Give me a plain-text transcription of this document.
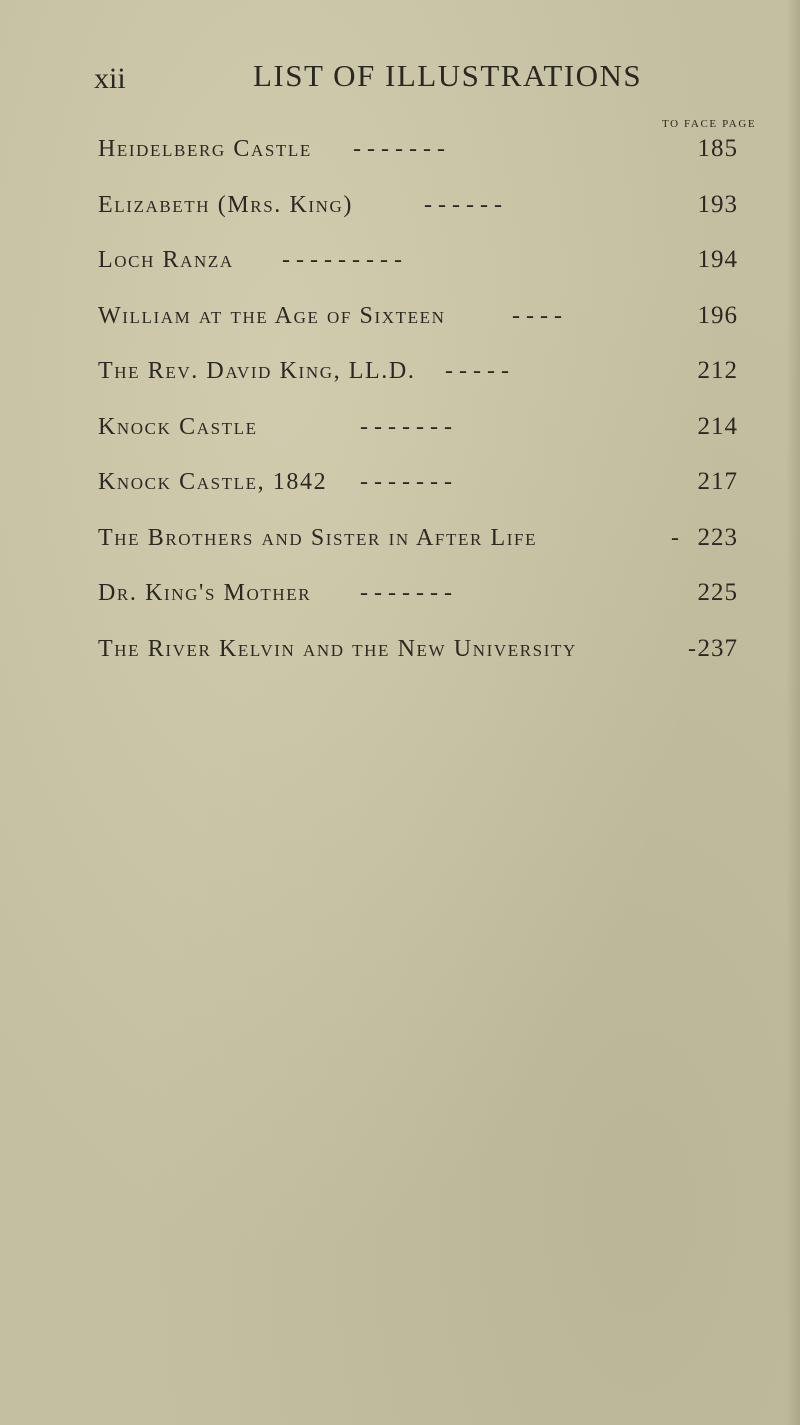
xii	LIST OF ILLUSTRATIONS
TO FACE PAGE
Heidelberg Castle - - - - - - -	185
Elizabeth (Mrs. King)	- - - - - -	193
Loch Ranza - - - - - - - - -	194
William at the Age of Sixteen	- - - -	196
The Rev. David King, LL.D. - - - - -	212
Knock Castle	- - - - - - -	214
Knock Castle, 1842 - - - - - - -	217
The Brothers and Sister in After Life	- 223
Dr. King's Mother - - - - - - -	225
The River Kelvin and the New University	- 237
